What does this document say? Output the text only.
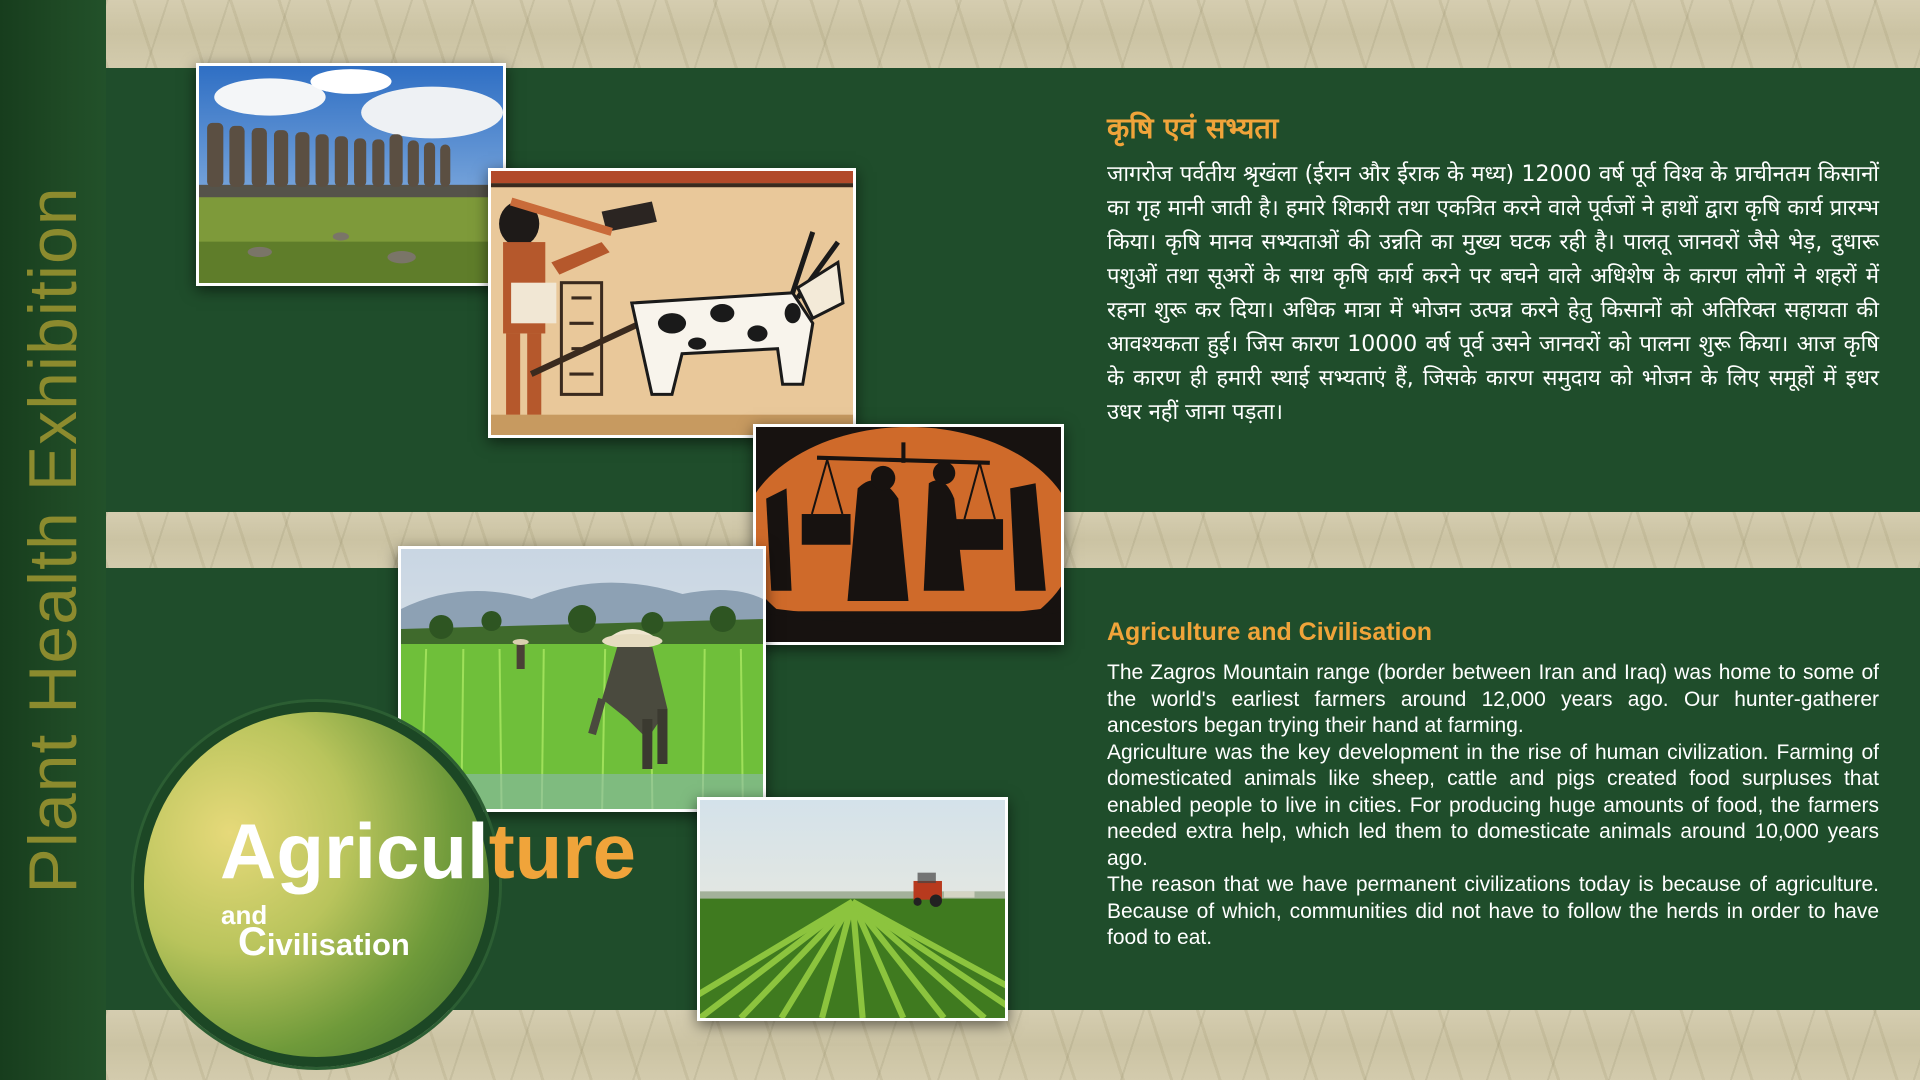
Plant Health Exhibition Agriculture
and
Civilisation
कृषि एवं सभ्यता
जागरोज पर्वतीय श्रृखंला (ईरान और ईराक के मध्य) 12000 वर्ष पूर्व विश्व के प्राचीनतम किसानों का गृह मानी जाती है। हमारे शिकारी तथा एकत्रित करने वाले पूर्वजों ने हाथों द्वारा कृषि कार्य प्रारम्भ किया। कृषि मानव सभ्यताओं की उन्नति का मुख्य घटक रही है। पालतू जानवरों जैसे भेड़, दुधारू पशुओं तथा सूअरों के साथ कृषि कार्य करने पर बचने वाले अधिशेष के कारण लोगों ने शहरों में रहना शुरू कर दिया। अधिक मात्रा में भोजन उत्पन्न करने हेतु किसानों को अतिरिक्त सहायता की आवश्यकता हुई। जिस कारण 10000 वर्ष पूर्व उसने जानवरों को पालना शुरू किया। आज कृषि के कारण ही हमारी स्थाई सभ्यताएं हैं, जिसके कारण समुदाय को भोजन के लिए समूहों में इधर उधर नहीं जाना पड़ता।
Agriculture and Civilisation

The Zagros Mountain range (border between Iran and Iraq) was home to some of the world's earliest farmers around 12,000 years ago. Our hunter-gatherer ancestors began trying their hand at farming.

Agriculture was the key development in the rise of human civilization. Farming of domesticated animals like sheep, cattle and pigs created food surpluses that enabled people to live in cities. For producing huge amounts of food, the farmers needed extra help, which led them to domesticate animals around 10,000 years ago.

The reason that we have permanent civilizations today is because of agriculture. Because of which, communities did not have to follow the herds in order to have food to eat.
